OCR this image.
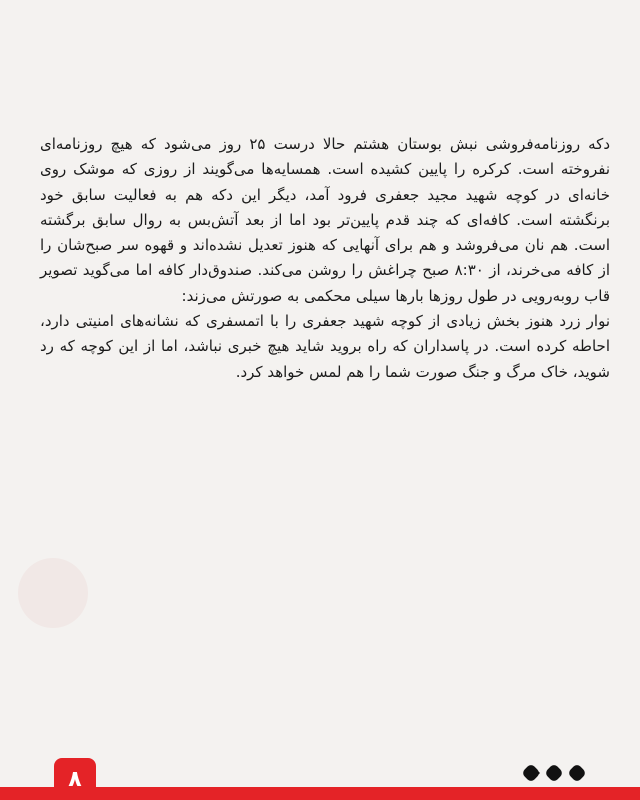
دکه روزنامه‌فروشی نبش بوستان هشتم حالا درست ۲۵ روز می‌شود که هیچ روزنامه‌ای نفروخته است. کرکره را پایین کشیده است. همسایه‌ها می‌گویند از روزی که موشک روی خانه‌ای در کوچه شهید مجید جعفری فرود آمد، دیگر این دکه هم به فعالیت سابق خود برنگشته است. کافه‌ای که چند قدم پایین‌تر بود اما از بعد آتش‌بس به روال سابق برگشته است. هم نان می‌فروشد و هم برای آنهایی که هنوز تعدیل نشده‌اند و قهوه سر صبح‌شان را از کافه می‌خرند، از ۸:۳۰ صبح چراغش را روشن می‌کند. صندوق‌دار کافه اما می‌گوید تصویر قاب روبه‌رویی در طول روزها بارها سیلی محکمی به صورتش می‌زند:

نوار زرد هنوز بخش زیادی از کوچه شهید جعفری را با اتمسفری که نشانه‌های امنیتی دارد، احاطه کرده است. در پاسداران که راه بروید شاید هیچ خبری نباشد، اما از این کوچه که رد شوید، خاک مرگ و جنگ صورت شما را هم لمس خواهد کرد.

۸
